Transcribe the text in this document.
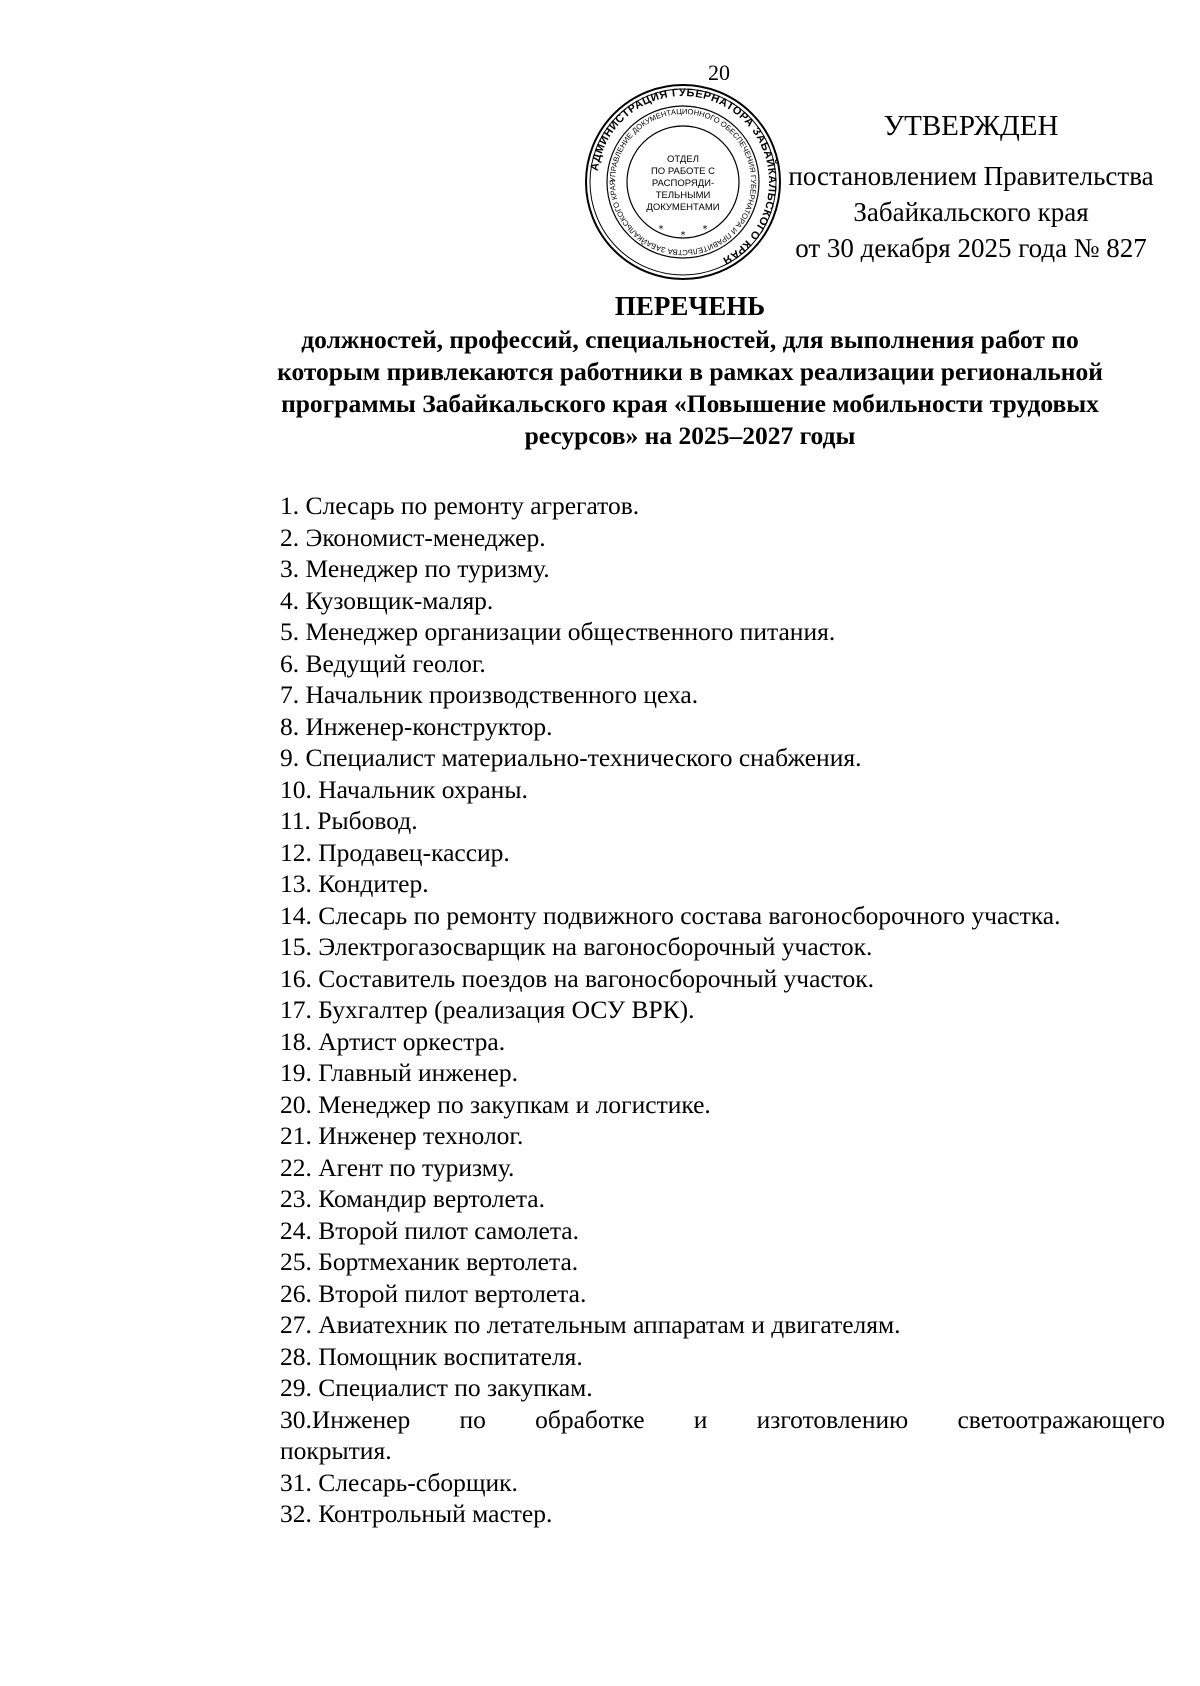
20
АДМИНИСТРАЦИЯ ГУБЕРНАТОРА ЗАБАЙКАЛЬСКОГО КРАЯ
УПРАВЛЕНИЕ ДОКУМЕНТАЦИОННОГО ОБЕСПЕЧЕНИЯ ГУБЕРНАТОРА И ПРАВИТЕЛЬСТВА ЗАБАЙКАЛЬСКОГО КРАЯ
ОТДЕЛ
ПО РАБОТЕ С
РАСПОРЯДИ-
ТЕЛЬНЫМИ
ДОКУМЕНТАМИ
*
*
*
УТВЕРЖДЕН
постановлением Правительства
Забайкальского края
от 30 декабря 2025 года № 827
ПЕРЕЧЕНЬ
должностей, профессий, специальностей, для выполнения работ по
которым привлекаются работники в рамках реализации региональной
программы Забайкальского края «Повышение мобильности трудовых
ресурсов» на 2025–2027 годы
1. Слесарь по ремонту агрегатов.
2. Экономист-менеджер.
3. Менеджер по туризму.
4. Кузовщик-маляр.
5. Менеджер организации общественного питания.
6. Ведущий геолог.
7. Начальник производственного цеха.
8. Инженер-конструктор.
9. Специалист материально-технического снабжения.
10. Начальник охраны.
11. Рыбовод.
12. Продавец-кассир.
13. Кондитер.
14. Слесарь по ремонту подвижного состава вагоносборочного участка.
15. Электрогазосварщик на вагоносборочный участок.
16. Составитель поездов на вагоносборочный участок.
17. Бухгалтер (реализация ОСУ ВРК).
18. Артист оркестра.
19. Главный инженер.
20. Менеджер по закупкам и логистике.
21. Инженер технолог.
22. Агент по туризму.
23. Командир вертолета.
24. Второй пилот самолета.
25. Бортмеханик вертолета.
26. Второй пилот вертолета.
27. Авиатехник по летательным аппаратам и двигателям.
28. Помощник воспитателя.
29. Специалист по закупкам.
30.Инженер по обработке и изготовлению светоотражающего
покрытия.
31. Слесарь-сборщик.
32. Контрольный мастер.
